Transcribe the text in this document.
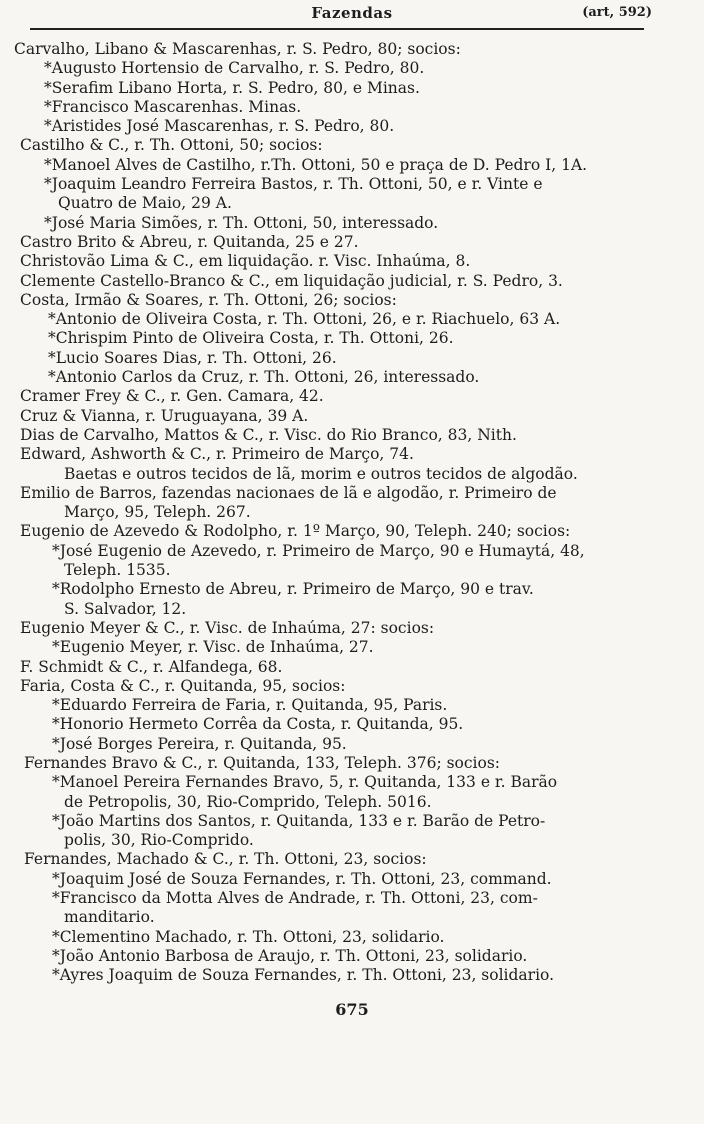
Fazendas	(art, 592)
Carvalho, Libano & Mascarenhas, r. S. Pedro, 80; socios:
*Augusto Hortensio de Carvalho, r. S. Pedro, 80.
*Serafim Libano Horta, r. S. Pedro, 80, e Minas.
*Francisco Mascarenhas. Minas.
*Aristides José Mascarenhas, r. S. Pedro, 80.
Castilho & C., r. Th. Ottoni, 50; socios:
*Manoel Alves de Castilho, r.Th. Ottoni, 50 e praça de D. Pedro I, 1A.
*Joaquim Leandro Ferreira Bastos, r. Th. Ottoni, 50, e r. Vinte e
Quatro de Maio, 29 A.
*José Maria Simões, r. Th. Ottoni, 50, interessado.
Castro Brito & Abreu, r. Quitanda, 25 e 27.
Christovão Lima & C., em liquidação. r. Visc. Inhaúma, 8.
Clemente Castello-Branco & C., em liquidação judicial, r. S. Pedro, 3.
Costa, Irmão & Soares, r. Th. Ottoni, 26; socios:
*Antonio de Oliveira Costa, r. Th. Ottoni, 26, e r. Riachuelo, 63 A.
*Chrispim Pinto de Oliveira Costa, r. Th. Ottoni, 26.
*Lucio Soares Dias, r. Th. Ottoni, 26.
*Antonio Carlos da Cruz, r. Th. Ottoni, 26, interessado.
Cramer Frey & C., r. Gen. Camara, 42.
Cruz & Vianna, r. Uruguayana, 39 A.
Dias de Carvalho, Mattos & C., r. Visc. do Rio Branco, 83, Nith.
Edward, Ashworth & C., r. Primeiro de Março, 74.
Baetas e outros tecidos de lã, morim e outros tecidos de algodão.
Emilio de Barros, fazendas nacionaes de lã e algodão, r. Primeiro de
Março, 95, Teleph. 267.
Eugenio de Azevedo & Rodolpho, r. 1º Março, 90, Teleph. 240; socios:
*José Eugenio de Azevedo, r. Primeiro de Março, 90 e Humaytá, 48,
Teleph. 1535.
*Rodolpho Ernesto de Abreu, r. Primeiro de Março, 90 e trav.
S. Salvador, 12.
Eugenio Meyer & C., r. Visc. de Inhaúma, 27: socios:
*Eugenio Meyer, r. Visc. de Inhaúma, 27.
F. Schmidt & C., r. Alfandega, 68.
Faria, Costa & C., r. Quitanda, 95, socios:
*Eduardo Ferreira de Faria, r. Quitanda, 95, Paris.
*Honorio Hermeto Corrêa da Costa, r. Quitanda, 95.
*José Borges Pereira, r. Quitanda, 95.
Fernandes Bravo & C., r. Quitanda, 133, Teleph. 376; socios:
*Manoel Pereira Fernandes Bravo, 5, r. Quitanda, 133 e r. Barão
de Petropolis, 30, Rio-Comprido, Teleph. 5016.
*João Martins dos Santos, r. Quitanda, 133 e r. Barão de Petro-
polis, 30, Rio-Comprido.
Fernandes, Machado & C., r. Th. Ottoni, 23, socios:
*Joaquim José de Souza Fernandes, r. Th. Ottoni, 23, command.
*Francisco da Motta Alves de Andrade, r. Th. Ottoni, 23, com-
manditario.
*Clementino Machado, r. Th. Ottoni, 23, solidario.
*João Antonio Barbosa de Araujo, r. Th. Ottoni, 23, solidario.
*Ayres Joaquim de Souza Fernandes, r. Th. Ottoni, 23, solidario.
675
